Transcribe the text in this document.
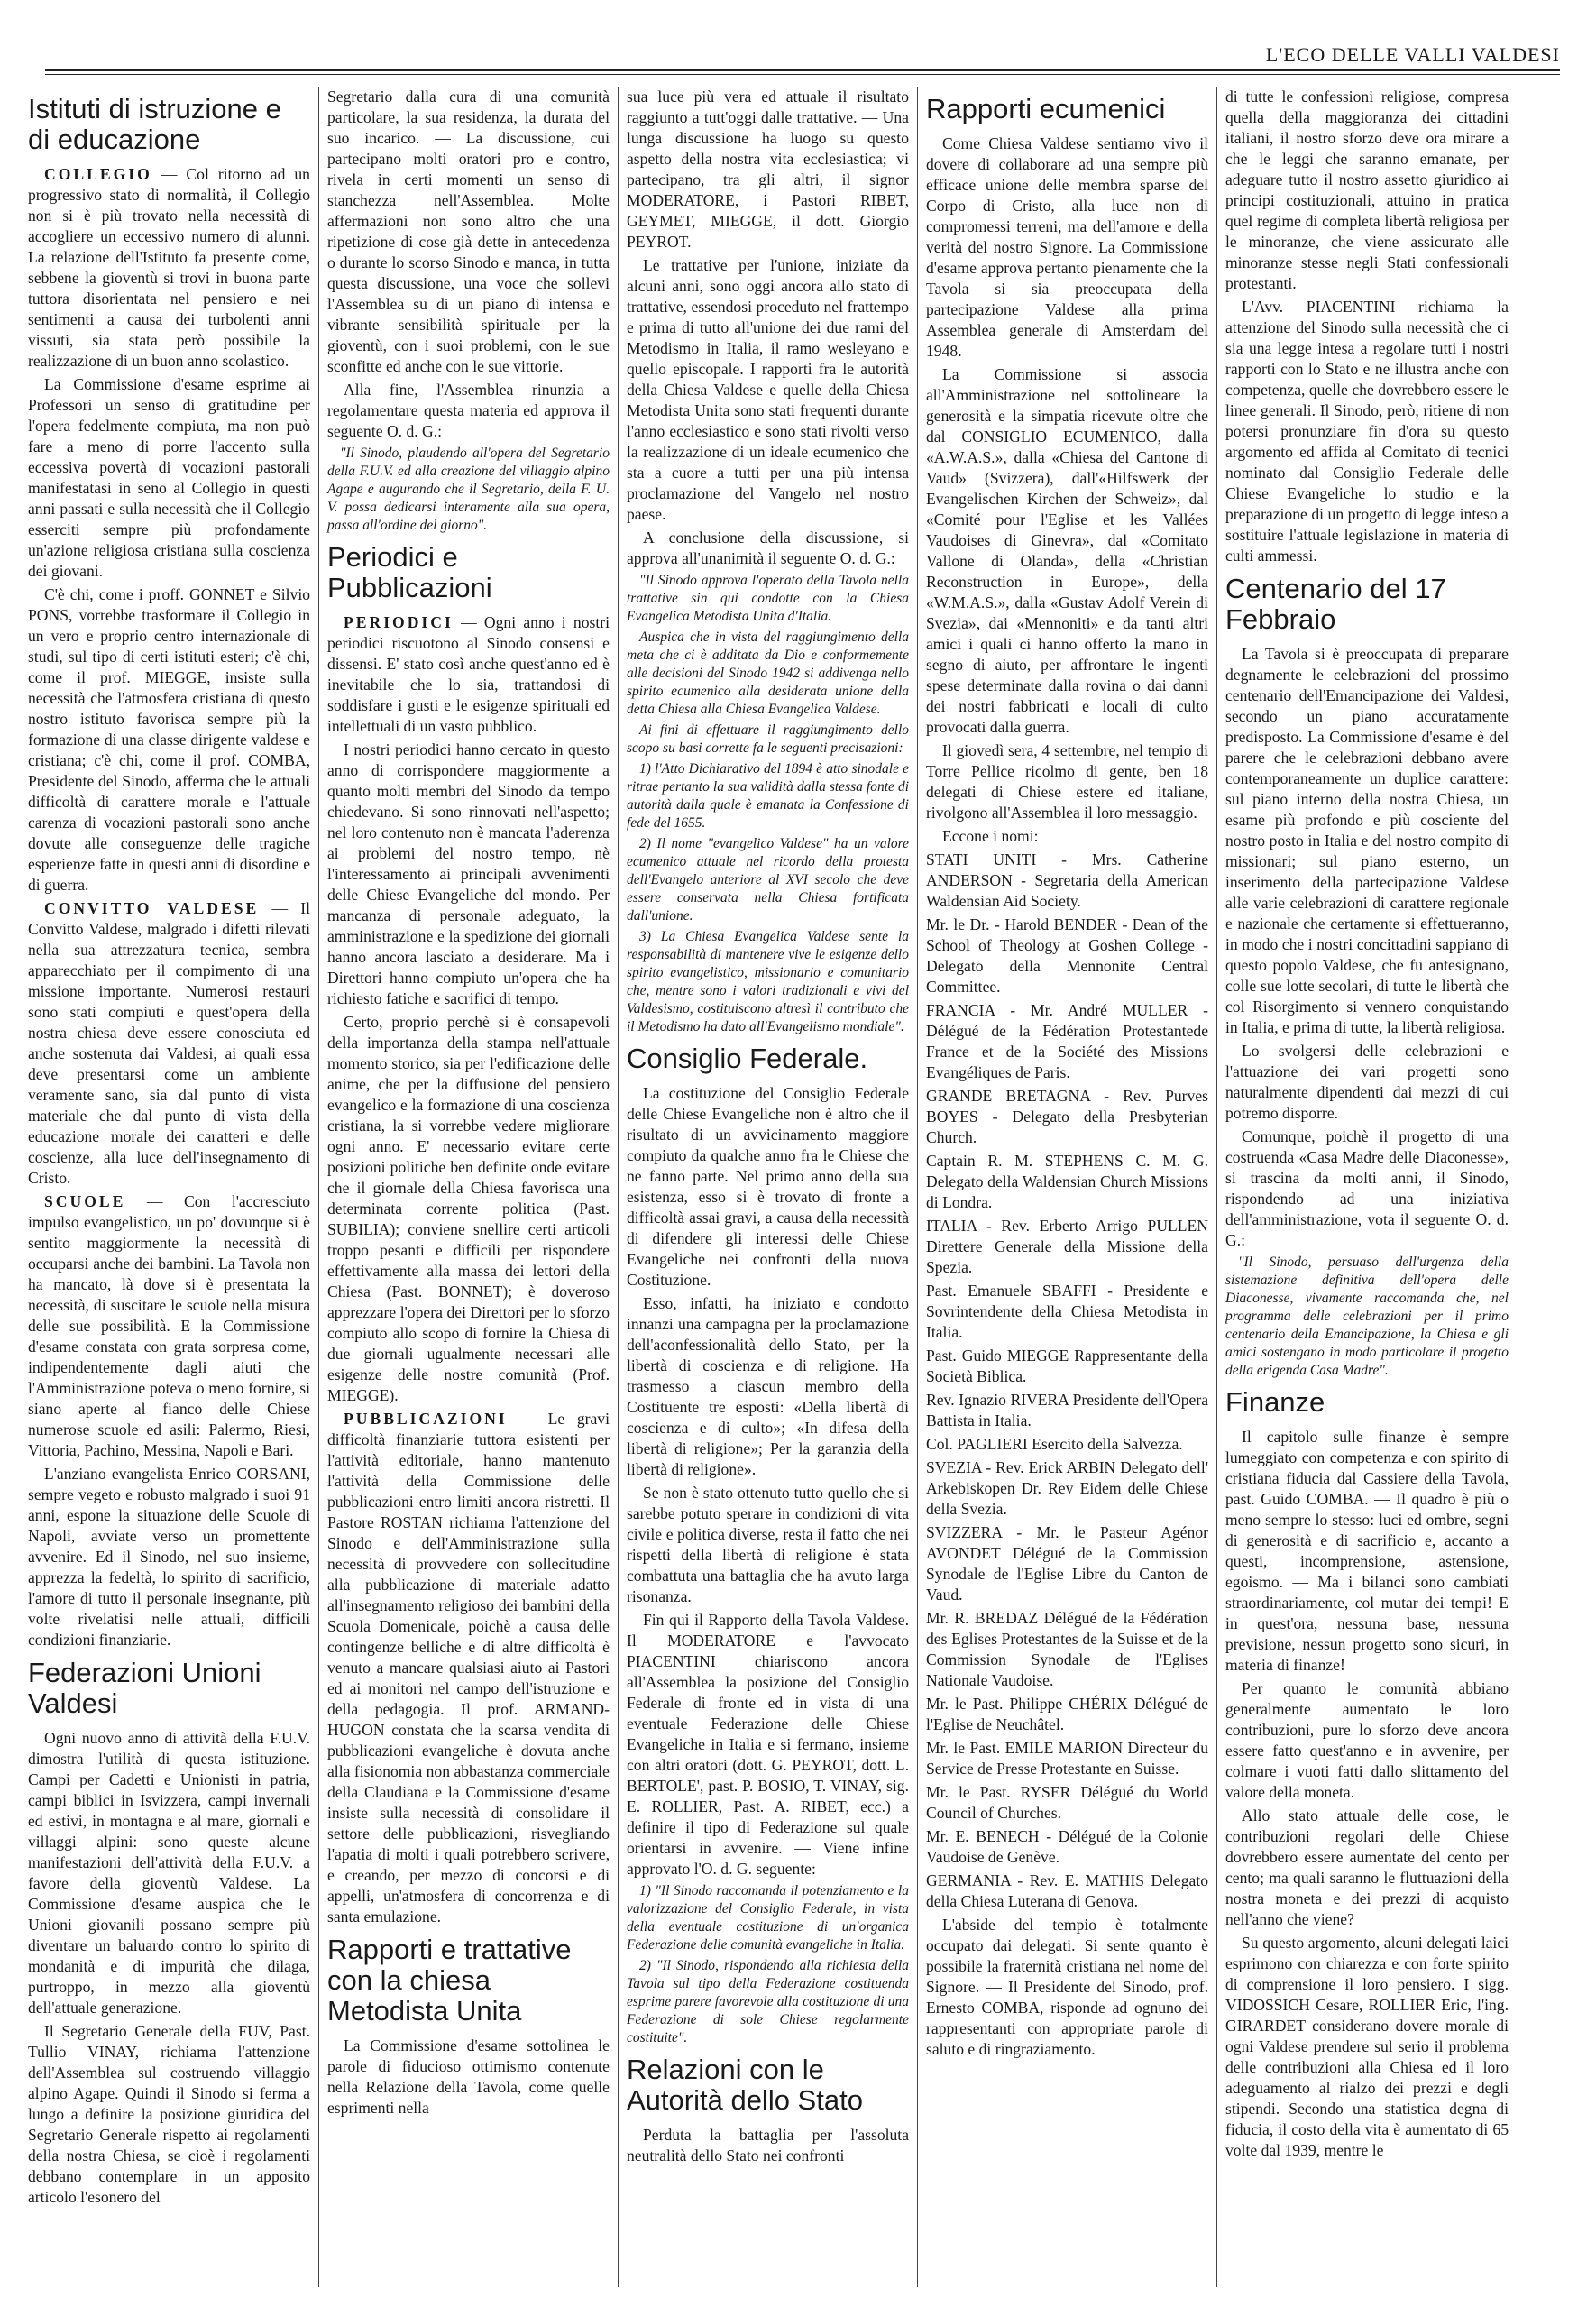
L'ECO DELLE VALLI VALDESI
Istituti di istruzione e di educazione

COLLEGIO — Col ritorno ad un progressivo stato di normalità, il Collegio non si è più trovato nella necessità di accogliere un eccessivo numero di alunni. La relazione dell'Istituto fa presente come, sebbene la gioventù si trovi in buona parte tuttora disorientata nel pensiero e nei sentimenti a causa dei turbolenti anni vissuti, sia stata però possibile la realizzazione di un buon anno scolastico.

La Commissione d'esame esprime ai Professori un senso di gratitudine per l'opera fedelmente compiuta, ma non può fare a meno di porre l'accento sulla eccessiva povertà di vocazioni pastorali manifestatasi in seno al Collegio in questi anni passati e sulla necessità che il Collegio esserciti sempre più profondamente un'azione religiosa cristiana sulla coscienza dei giovani.

C'è chi, come i proff. GONNET e Silvio PONS, vorrebbe trasformare il Collegio in un vero e proprio centro internazionale di studi, sul tipo di certi istituti esteri; c'è chi, come il prof. MIEGGE, insiste sulla necessità che l'atmosfera cristiana di questo nostro istituto favorisca sempre più la formazione di una classe dirigente valdese e cristiana; c'è chi, come il prof. COMBA, Presidente del Sinodo, afferma che le attuali difficoltà di carattere morale e l'attuale carenza di vocazioni pastorali sono anche dovute alle conseguenze delle tragiche esperienze fatte in questi anni di disordine e di guerra.

CONVITTO VALDESE — Il Convitto Valdese, malgrado i difetti rilevati nella sua attrezzatura tecnica, sembra apparecchiato per il compimento di una missione importante. Numerosi restauri sono stati compiuti e quest'opera della nostra chiesa deve essere conosciuta ed anche sostenuta dai Valdesi, ai quali essa deve presentarsi come un ambiente veramente sano, sia dal punto di vista materiale che dal punto di vista della educazione morale dei caratteri e delle coscienze, alla luce dell'insegnamento di Cristo.

SCUOLE — Con l'accresciuto impulso evangelistico, un po' dovunque si è sentito maggiormente la necessità di occuparsi anche dei bambini. La Tavola non ha mancato, là dove si è presentata la necessità, di suscitare le scuole nella misura delle sue possibilità. E la Commissione d'esame constata con grata sorpresa come, indipendentemente dagli aiuti che l'Amministrazione poteva o meno fornire, si siano aperte al fianco delle Chiese numerose scuole ed asili: Palermo, Riesi, Vittoria, Pachino, Messina, Napoli e Bari.

L'anziano evangelista Enrico CORSANI, sempre vegeto e robusto malgrado i suoi 91 anni, espone la situazione delle Scuole di Napoli, avviate verso un promettente avvenire. Ed il Sinodo, nel suo insieme, apprezza la fedeltà, lo spirito di sacrificio, l'amore di tutto il personale insegnante, più volte rivelatisi nelle attuali, difficili condizioni finanziarie.

Federazioni Unioni Valdesi

Ogni nuovo anno di attività della F.U.V. dimostra l'utilità di questa istituzione. Campi per Cadetti e Unionisti in patria, campi biblici in Isvizzera, campi invernali ed estivi, in montagna e al mare, giornali e villaggi alpini: sono queste alcune manifestazioni dell'attività della F.U.V. a favore della gioventù Valdese. La Commissione d'esame auspica che le Unioni giovanili possano sempre più diventare un baluardo contro lo spirito di mondanità e di impurità che dilaga, purtroppo, in mezzo alla gioventù dell'attuale generazione.

Il Segretario Generale della FUV, Past. Tullio VINAY, richiama l'attenzione dell'Assemblea sul costruendo villaggio alpino Agape. Quindi il Sinodo si ferma a lungo a definire la posizione giuridica del Segretario Generale rispetto ai regolamenti della nostra Chiesa, se cioè i regolamenti debbano contemplare in un apposito articolo l'esonero del

Segretario dalla cura di una comunità particolare, la sua residenza, la durata del suo incarico. — La discussione, cui partecipano molti oratori pro e contro, rivela in certi momenti un senso di stanchezza nell'Assemblea. Molte affermazioni non sono altro che una ripetizione di cose già dette in antecedenza o durante lo scorso Sinodo e manca, in tutta questa discussione, una voce che sollevi l'Assemblea su di un piano di intensa e vibrante sensibilità spirituale per la gioventù, con i suoi problemi, con le sue sconfitte ed anche con le sue vittorie.

Alla fine, l'Assemblea rinunzia a regolamentare questa materia ed approva il seguente O. d. G.:

"Il Sinodo, plaudendo all'opera del Segretario della F.U.V. ed alla creazione del villaggio alpino Agape e augurando che il Segretario, della F. U. V. possa dedicarsi interamente alla sua opera, passa all'ordine del giorno".

Periodici e Pubblicazioni

PERIODICI — Ogni anno i nostri periodici riscuotono al Sinodo consensi e dissensi. E' stato così anche quest'anno ed è inevitabile che lo sia, trattandosi di soddisfare i gusti e le esigenze spirituali ed intellettuali di un vasto pubblico.

I nostri periodici hanno cercato in questo anno di corrispondere maggiormente a quanto molti membri del Sinodo da tempo chiedevano. Si sono rinnovati nell'aspetto; nel loro contenuto non è mancata l'aderenza ai problemi del nostro tempo, nè l'interessamento ai principali avvenimenti delle Chiese Evangeliche del mondo. Per mancanza di personale adeguato, la amministrazione e la spedizione dei giornali hanno ancora lasciato a desiderare. Ma i Direttori hanno compiuto un'opera che ha richiesto fatiche e sacrifici di tempo.

Certo, proprio perchè si è consapevoli della importanza della stampa nell'attuale momento storico, sia per l'edificazione delle anime, che per la diffusione del pensiero evangelico e la formazione di una coscienza cristiana, la si vorrebbe vedere migliorare ogni anno. E' necessario evitare certe posizioni politiche ben definite onde evitare che il giornale della Chiesa favorisca una determinata corrente politica (Past. SUBILIA); conviene snellire certi articoli troppo pesanti e difficili per rispondere effettivamente alla massa dei lettori della Chiesa (Past. BONNET); è doveroso apprezzare l'opera dei Direttori per lo sforzo compiuto allo scopo di fornire la Chiesa di due giornali ugualmente necessari alle esigenze delle nostre comunità (Prof. MIEGGE).

PUBBLICAZIONI — Le gravi difficoltà finanziarie tuttora esistenti per l'attività editoriale, hanno mantenuto l'attività della Commissione delle pubblicazioni entro limiti ancora ristretti. Il Pastore ROSTAN richiama l'attenzione del Sinodo e dell'Amministrazione sulla necessità di provvedere con sollecitudine alla pubblicazione di materiale adatto all'insegnamento religioso dei bambini della Scuola Domenicale, poichè a causa delle contingenze belliche e di altre difficoltà è venuto a mancare qualsiasi aiuto ai Pastori ed ai monitori nel campo dell'istruzione e della pedagogia. Il prof. ARMAND-HUGON constata che la scarsa vendita di pubblicazioni evangeliche è dovuta anche alla fisionomia non abbastanza commerciale della Claudiana e la Commissione d'esame insiste sulla necessità di consolidare il settore delle pubblicazioni, risvegliando l'apatia di molti i quali potrebbero scrivere, e creando, per mezzo di concorsi e di appelli, un'atmosfera di concorrenza e di santa emulazione.

Rapporti e trattative con la chiesa Metodista Unita

La Commissione d'esame sottolinea le parole di fiducioso ottimismo contenute nella Relazione della Tavola, come quelle esprimenti nella

sua luce più vera ed attuale il risultato raggiunto a tutt'oggi dalle trattative. — Una lunga discussione ha luogo su questo aspetto della nostra vita ecclesiastica; vi partecipano, tra gli altri, il signor MODERATORE, i Pastori RIBET, GEYMET, MIEGGE, il dott. Giorgio PEYROT.

Le trattative per l'unione, iniziate da alcuni anni, sono oggi ancora allo stato di trattative, essendosi proceduto nel frattempo e prima di tutto all'unione dei due rami del Metodismo in Italia, il ramo wesleyano e quello episcopale. I rapporti fra le autorità della Chiesa Valdese e quelle della Chiesa Metodista Unita sono stati frequenti durante l'anno ecclesiastico e sono stati rivolti verso la realizzazione di un ideale ecumenico che sta a cuore a tutti per una più intensa proclamazione del Vangelo nel nostro paese.

A conclusione della discussione, si approva all'unanimità il seguente O. d. G.:

"Il Sinodo approva l'operato della Tavola nella trattative sin qui condotte con la Chiesa Evangelica Metodista Unita d'Italia.

Auspica che in vista del raggiungimento della meta che ci è additata da Dio e conformemente alle decisioni del Sinodo 1942 si addivenga nello spirito ecumenico alla desiderata unione della detta Chiesa alla Chiesa Evangelica Valdese.

Ai fini di effettuare il raggiungimento dello scopo su basi corrette fa le seguenti precisazioni:

1) l'Atto Dichiarativo del 1894 è atto sinodale e ritrae pertanto la sua validità dalla stessa fonte di autorità dalla quale è emanata la Confessione di fede del 1655.

2) Il nome "evangelico Valdese" ha un valore ecumenico attuale nel ricordo della protesta dell'Evangelo anteriore al XVI secolo che deve essere conservata nella Chiesa fortificata dall'unione.

3) La Chiesa Evangelica Valdese sente la responsabilità di mantenere vive le esigenze dello spirito evangelistico, missionario e comunitario che, mentre sono i valori tradizionali e vivi del Valdesismo, costituiscono altresì il contributo che il Metodismo ha dato all'Evangelismo mondiale".

Consiglio Federale.

La costituzione del Consiglio Federale delle Chiese Evangeliche non è altro che il risultato di un avvicinamento maggiore compiuto da qualche anno fra le Chiese che ne fanno parte. Nel primo anno della sua esistenza, esso si è trovato di fronte a difficoltà assai gravi, a causa della necessità di difendere gli interessi delle Chiese Evangeliche nei confronti della nuova Costituzione.

Esso, infatti, ha iniziato e condotto innanzi una campagna per la proclamazione dell'aconfessionalità dello Stato, per la libertà di coscienza e di religione. Ha trasmesso a ciascun membro della Costituente tre esposti: «Della libertà di coscienza e di culto»; «In difesa della libertà di religione»; Per la garanzia della libertà di religione».

Se non è stato ottenuto tutto quello che si sarebbe potuto sperare in condizioni di vita civile e politica diverse, resta il fatto che nei rispetti della libertà di religione è stata combattuta una battaglia che ha avuto larga risonanza.

Fin qui il Rapporto della Tavola Valdese. Il MODERATORE e l'avvocato PIACENTINI chiariscono ancora all'Assemblea la posizione del Consiglio Federale di fronte ed in vista di una eventuale Federazione delle Chiese Evangeliche in Italia e si fermano, insieme con altri oratori (dott. G. PEYROT, dott. L. BERTOLE', past. P. BOSIO, T. VINAY, sig. E. ROLLIER, Past. A. RIBET, ecc.) a definire il tipo di Federazione sul quale orientarsi in avvenire. — Viene infine approvato l'O. d. G. seguente:

1) "Il Sinodo raccomanda il potenziamento e la valorizzazione del Consiglio Federale, in vista della eventuale costituzione di un'organica Federazione delle comunità evangeliche in Italia.

2) "Il Sinodo, rispondendo alla richiesta della Tavola sul tipo della Federazione costituenda esprime parere favorevole alla costituzione di una Federazione di sole Chiese regolarmente costituite".

Relazioni con le Autorità dello Stato

Perduta la battaglia per l'assoluta neutralità dello Stato nei confronti

Rapporti ecumenici

Come Chiesa Valdese sentiamo vivo il dovere di collaborare ad una sempre più efficace unione delle membra sparse del Corpo di Cristo, alla luce non di compromessi terreni, ma dell'amore e della verità del nostro Signore. La Commissione d'esame approva pertanto pienamente che la Tavola si sia preoccupata della partecipazione Valdese alla prima Assemblea generale di Amsterdam del 1948.

La Commissione si associa all'Amministrazione nel sottolineare la generosità e la simpatia ricevute oltre che dal CONSIGLIO ECUMENICO, dalla «A.W.A.S.», dalla «Chiesa del Cantone di Vaud» (Svizzera), dall'«Hilfswerk der Evangelischen Kirchen der Schweiz», dal «Comité pour l'Eglise et les Vallées Vaudoises di Ginevra», dal «Comitato Vallone di Olanda», della «Christian Reconstruction in Europe», della «W.M.A.S.», dalla «Gustav Adolf Verein di Svezia», dai «Mennoniti» e da tanti altri amici i quali ci hanno offerto la mano in segno di aiuto, per affrontare le ingenti spese determinate dalla rovina o dai danni dei nostri fabbricati e locali di culto provocati dalla guerra.

Il giovedì sera, 4 settembre, nel tempio di Torre Pellice ricolmo di gente, ben 18 delegati di Chiese estere ed italiane, rivolgono all'Assemblea il loro messaggio.

Eccone i nomi:

STATI UNITI - Mrs. Catherine ANDERSON - Segretaria della American Waldensian Aid Society.

Mr. le Dr. - Harold BENDER - Dean of the School of Theology at Goshen College - Delegato della Mennonite Central Committee.

FRANCIA - Mr. André MULLER - Délégué de la Fédération Protestantede France et de la Société des Missions Evangéliques de Paris.

GRANDE BRETAGNA - Rev. Purves BOYES - Delegato della Presbyterian Church.

Captain R. M. STEPHENS C. M. G. Delegato della Waldensian Church Missions di Londra.

ITALIA - Rev. Erberto Arrigo PULLEN Direttere Generale della Missione della Spezia.

Past. Emanuele SBAFFI - Presidente e Sovrintendente della Chiesa Metodista in Italia.

Past. Guido MIEGGE Rappresentante della Società Biblica.

Rev. Ignazio RIVERA Presidente dell'Opera Battista in Italia.

Col. PAGLIERI Esercito della Salvezza.

SVEZIA - Rev. Erick ARBIN Delegato dell' Arkebiskopen Dr. Rev Eidem delle Chiese della Svezia.

SVIZZERA - Mr. le Pasteur Agénor AVONDET Délégué de la Commission Synodale de l'Eglise Libre du Canton de Vaud.

Mr. R. BREDAZ Délégué de la Fédération des Eglises Protestantes de la Suisse et de la Commission Synodale de l'Eglises Nationale Vaudoise.

Mr. le Past. Philippe CHÉRIX Délégué de l'Eglise de Neuchâtel.

Mr. le Past. EMILE MARION Directeur du Service de Presse Protestante en Suisse.

Mr. le Past. RYSER Délégué du World Council of Churches.

Mr. E. BENECH - Délégué de la Colonie Vaudoise de Genève.

GERMANIA - Rev. E. MATHIS Delegato della Chiesa Luterana di Genova.

L'abside del tempio è totalmente occupato dai delegati. Si sente quanto è possibile la fraternità cristiana nel nome del Signore. — Il Presidente del Sinodo, prof. Ernesto COMBA, risponde ad ognuno dei rappresentanti con appropriate parole di saluto e di ringraziamento.

di tutte le confessioni religiose, compresa quella della maggioranza dei cittadini italiani, il nostro sforzo deve ora mirare a che le leggi che saranno emanate, per adeguare tutto il nostro assetto giuridico ai principi costituzionali, attuino in pratica quel regime di completa libertà religiosa per le minoranze, che viene assicurato alle minoranze stesse negli Stati confessionali protestanti.

L'Avv. PIACENTINI richiama la attenzione del Sinodo sulla necessità che ci sia una legge intesa a regolare tutti i nostri rapporti con lo Stato e ne illustra anche con competenza, quelle che dovrebbero essere le linee generali. Il Sinodo, però, ritiene di non potersi pronunziare fin d'ora su questo argomento ed affida al Comitato di tecnici nominato dal Consiglio Federale delle Chiese Evangeliche lo studio e la preparazione di un progetto di legge inteso a sostituire l'attuale legislazione in materia di culti ammessi.

Centenario del 17 Febbraio

La Tavola si è preoccupata di preparare degnamente le celebrazioni del prossimo centenario dell'Emancipazione dei Valdesi, secondo un piano accuratamente predisposto. La Commissione d'esame è del parere che le celebrazioni debbano avere contemporaneamente un duplice carattere: sul piano interno della nostra Chiesa, un esame più profondo e più cosciente del nostro posto in Italia e del nostro compito di missionari; sul piano esterno, un inserimento della partecipazione Valdese alle varie celebrazioni di carattere regionale e nazionale che certamente si effettueranno, in modo che i nostri concittadini sappiano di questo popolo Valdese, che fu antesignano, colle sue lotte secolari, di tutte le libertà che col Risorgimento si vennero conquistando in Italia, e prima di tutte, la libertà religiosa.

Lo svolgersi delle celebrazioni e l'attuazione dei vari progetti sono naturalmente dipendenti dai mezzi di cui potremo disporre.

Comunque, poichè il progetto di una costruenda «Casa Madre delle Diaconesse», si trascina da molti anni, il Sinodo, rispondendo ad una iniziativa dell'amministrazione, vota il seguente O. d. G.:

"Il Sinodo, persuaso dell'urgenza della sistemazione definitiva dell'opera delle Diaconesse, vivamente raccomanda che, nel programma delle celebrazioni per il primo centenario della Emancipazione, la Chiesa e gli amici sostengano in modo particolare il progetto della erigenda Casa Madre".

Finanze

Il capitolo sulle finanze è sempre lumeggiato con competenza e con spirito di cristiana fiducia dal Cassiere della Tavola, past. Guido COMBA. — Il quadro è più o meno sempre lo stesso: luci ed ombre, segni di generosità e di sacrificio e, accanto a questi, incomprensione, astensione, egoismo. — Ma i bilanci sono cambiati straordinariamente, col mutar dei tempi! E in quest'ora, nessuna base, nessuna previsione, nessun progetto sono sicuri, in materia di finanze!

Per quanto le comunità abbiano generalmente aumentato le loro contribuzioni, pure lo sforzo deve ancora essere fatto quest'anno e in avvenire, per colmare i vuoti fatti dallo slittamento del valore della moneta.

Allo stato attuale delle cose, le contribuzioni regolari delle Chiese dovrebbero essere aumentate del cento per cento; ma quali saranno le fluttuazioni della nostra moneta e dei prezzi di acquisto nell'anno che viene?

Su questo argomento, alcuni delegati laici esprimono con chiarezza e con forte spirito di comprensione il loro pensiero. I sigg. VIDOSSICH Cesare, ROLLIER Eric, l'ing. GIRARDET considerano dovere morale di ogni Valdese prendere sul serio il problema delle contribuzioni alla Chiesa ed il loro adeguamento al rialzo dei prezzi e degli stipendi. Secondo una statistica degna di fiducia, il costo della vita è aumentato di 65 volte dal 1939, mentre le
